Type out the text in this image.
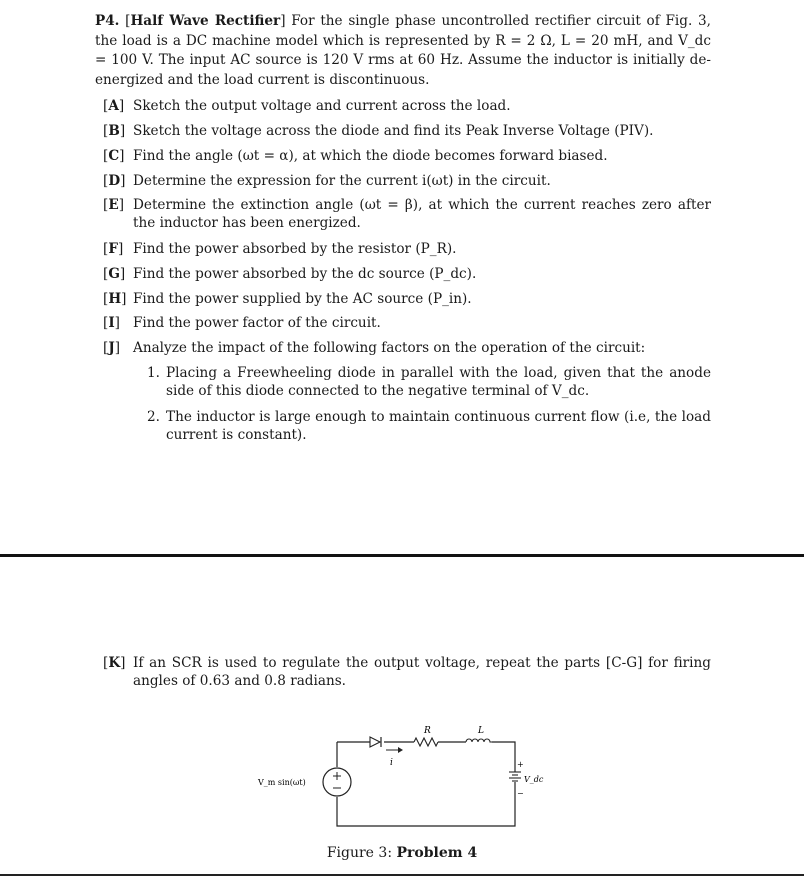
P4. [Half Wave Rectifier] For the single phase uncontrolled rectifier circuit of Fig. 3, the load is a DC machine model which is represented by R = 2 Ω, L = 20 mH, and V_dc = 100 V. The input AC source is 120 V rms at 60 Hz. Assume the inductor is initially de-energized and the load current is discontinuous.
[A] Sketch the output voltage and current across the load.
[B] Sketch the voltage across the diode and find its Peak Inverse Voltage (PIV).
[C] Find the angle (ωt = α), at which the diode becomes forward biased.
[D] Determine the expression for the current i(ωt) in the circuit.
[E] Determine the extinction angle (ωt = β), at which the current reaches zero after the inductor has been energized.
[F] Find the power absorbed by the resistor (P_R).
[G] Find the power absorbed by the dc source (P_dc).
[H] Find the power supplied by the AC source (P_in).
[I] Find the power factor of the circuit.
[J] Analyze the impact of the following factors on the operation of the circuit:
1. Placing a Freewheeling diode in parallel with the load, given that the anode side of this diode connected to the negative terminal of V_dc.
2. The inductor is large enough to maintain continuous current flow (i.e, the load current is constant).
[K] If an SCR is used to regulate the output voltage, repeat the parts [C-G] for firing angles of 0.63 and 0.8 radians.
i
R	L
+
−
V_dc
V_m sin(ωt)
Figure 3: Problem 4
